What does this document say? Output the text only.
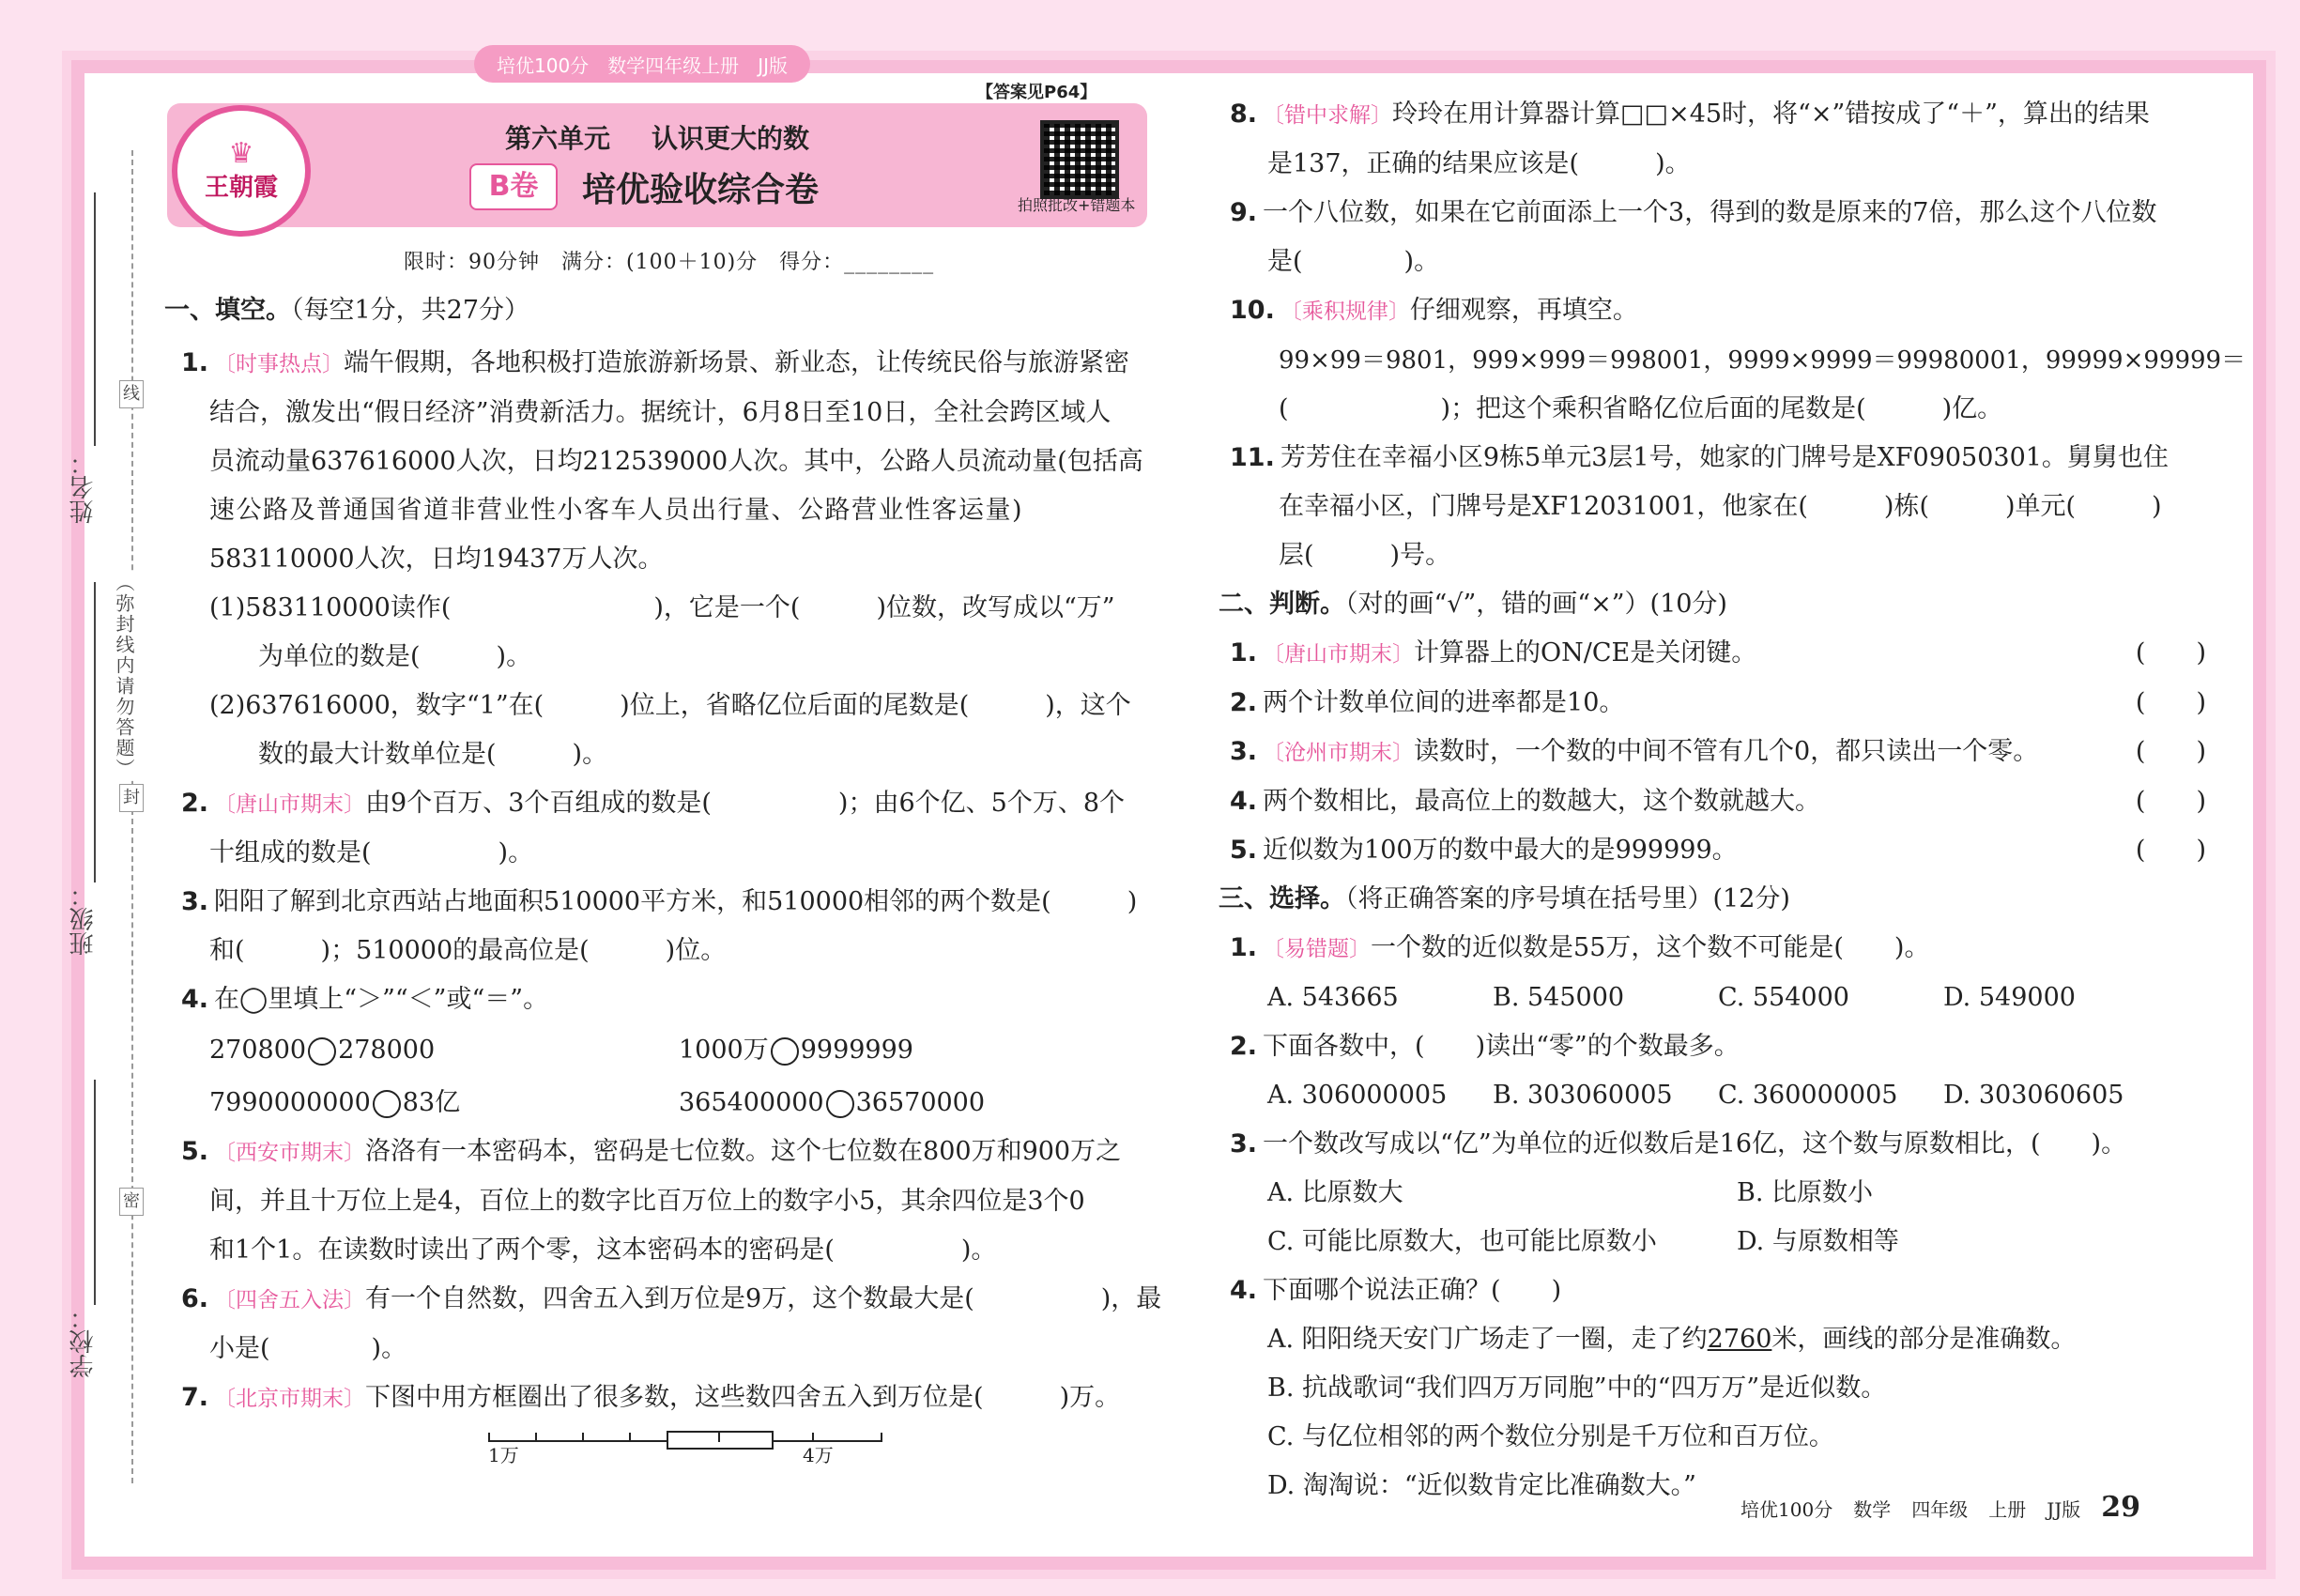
培优100分 数学四年级上册 JJ版
姓名：
班级：
学校：
线
（弥封线内请勿答题）
封
密
♛
王朝霞
第六单元 认识更大的数
B卷	培优验收综合卷
【答案见P64】
拍照批改+错题本
限时：90分钟　满分：(100＋10)分　得分：________
一、填空。（每空1分，共27分）
1. 〔时事热点〕端午假期，各地积极打造旅游新场景、新业态，让传统民俗与旅游紧密
结合，激发出“假日经济”消费新活力。据统计，6月8日至10日，全社会跨区域人
员流动量637616000人次，日均212539000人次。其中，公路人员流动量(包括高
速公路及普通国省道非营业性小客车人员出行量、公路营业性客运量)
583110000人次，日均19437万人次。
(1)583110000读作(　　　　　　　　)，它是一个(　　　)位数，改写成以“万”
为单位的数是(　　　)。
(2)637616000，数字“1”在(　　　)位上，省略亿位后面的尾数是(　　　)，这个
数的最大计数单位是(　　　)。
2. 〔唐山市期末〕由9个百万、3个百组成的数是(　　　　　)；由6个亿、5个万、8个
十组成的数是(　　　　　)。
3. 阳阳了解到北京西站占地面积510000平方米，和510000相邻的两个数是(　　　)
和(　　　)；510000的最高位是(　　　)位。
4. 在◯里填上“＞”“＜”或“＝”。
270800 278000	1000万 9999999
7990000000 83亿	365400000 36570000
5. 〔西安市期末〕洛洛有一本密码本，密码是七位数。这个七位数在800万和900万之
间，并且十万位上是4，百位上的数字比百万位上的数字小5，其余四位是3个0
和1个1。在读数时读出了两个零，这本密码本的密码是(　　　　　)。
6. 〔四舍五入法〕有一个自然数，四舍五入到万位是9万，这个数最大是(　　　　　)，最
小是(　　　　)。
7. 〔北京市期末〕下图中用方框圈出了很多数，这些数四舍五入到万位是(　　　)万。
1万	4万
8. 〔错中求解〕玲玲在用计算器计算□□×45时，将“×”错按成了“＋”，算出的结果
是137，正确的结果应该是(　　　)。
9. 一个八位数，如果在它前面添上一个3，得到的数是原来的7倍，那么这个八位数
是(　　　　)。
10. 〔乘积规律〕仔细观察，再填空。
99×99＝9801，999×999＝998001，9999×9999＝99980001，99999×99999＝
(　　　　　　)；把这个乘积省略亿位后面的尾数是(　　　)亿。
11. 芳芳住在幸福小区9栋5单元3层1号，她家的门牌号是XF09050301。舅舅也住
在幸福小区，门牌号是XF12031001，他家在(　　　)栋(　　　)单元(　　　)
层(　　　)号。
二、判断。（对的画“√”，错的画“×”）(10分)
1. 〔唐山市期末〕计算器上的ON/CE是关闭键。	(　　)
2. 两个计数单位间的进率都是10。	(　　)
3. 〔沧州市期末〕读数时，一个数的中间不管有几个0，都只读出一个零。	(　　)
4. 两个数相比，最高位上的数越大，这个数就越大。	(　　)
5. 近似数为100万的数中最大的是999999。	(　　)
三、选择。（将正确答案的序号填在括号里）(12分)
1. 〔易错题〕一个数的近似数是55万，这个数不可能是(　　)。
A. 543665	B. 545000	C. 554000	D. 549000
2. 下面各数中，(　　)读出“零”的个数最多。
A. 306000005 B. 303060005 C. 360000005 D. 303060605
3. 一个数改写成以“亿”为单位的近似数后是16亿，这个数与原数相比，(　　)。
A. 比原数大	B. 比原数小
C. 可能比原数大，也可能比原数小	D. 与原数相等
4. 下面哪个说法正确？(　　)
A. 阳阳绕天安门广场走了一圈，走了约2760米，画线的部分是准确数。
B. 抗战歌词“我们四万万同胞”中的“四万万”是近似数。
C. 与亿位相邻的两个数位分别是千万位和百万位。
D. 淘淘说：“近似数肯定比准确数大。”
培优100分 数学 四年级 上册 JJ版 29
